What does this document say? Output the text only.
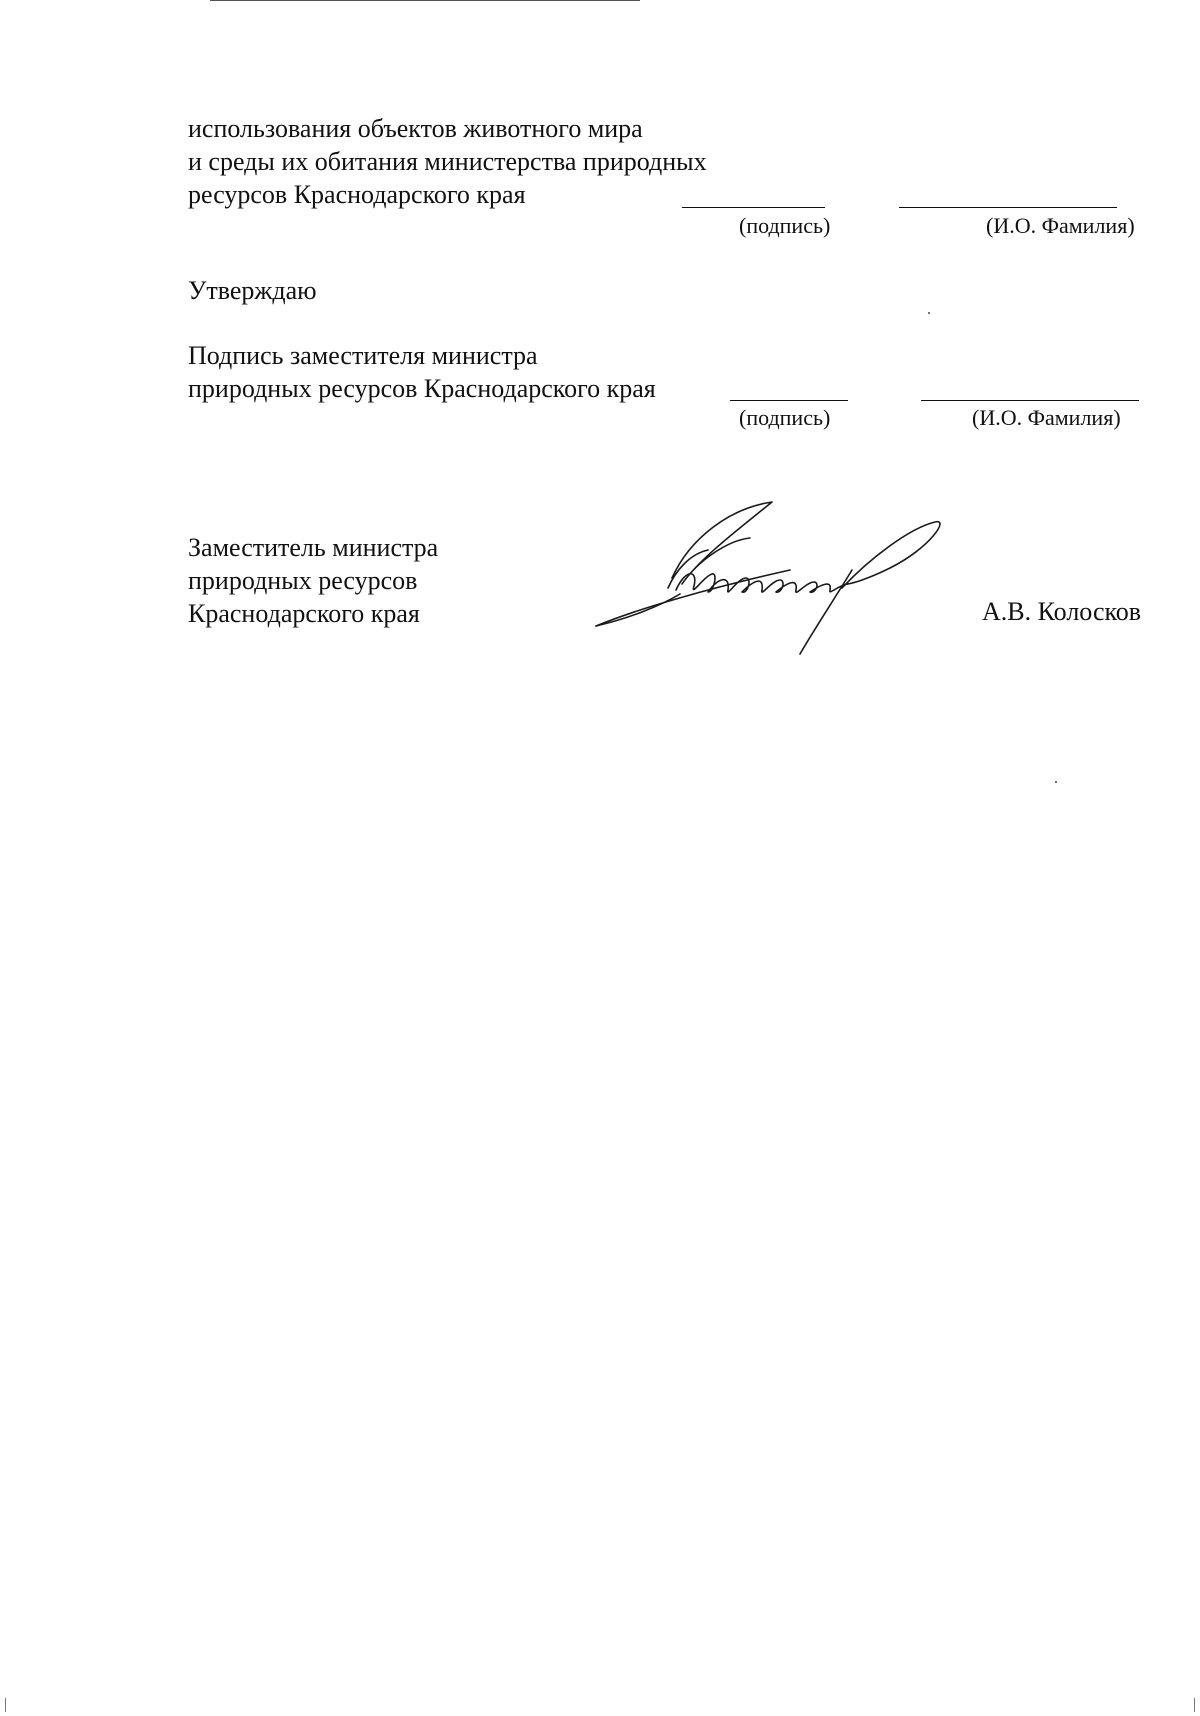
использования объектов животного мира
и среды их обитания министерства природных
ресурсов Краснодарского края
(подпись)	(И.О. Фамилия)
Утверждаю
Подпись заместителя министра
природных ресурсов Краснодарского края
(подпись)	(И.О. Фамилия)
Заместитель министра
природных ресурсов
Краснодарского края	А.В. Колосков
